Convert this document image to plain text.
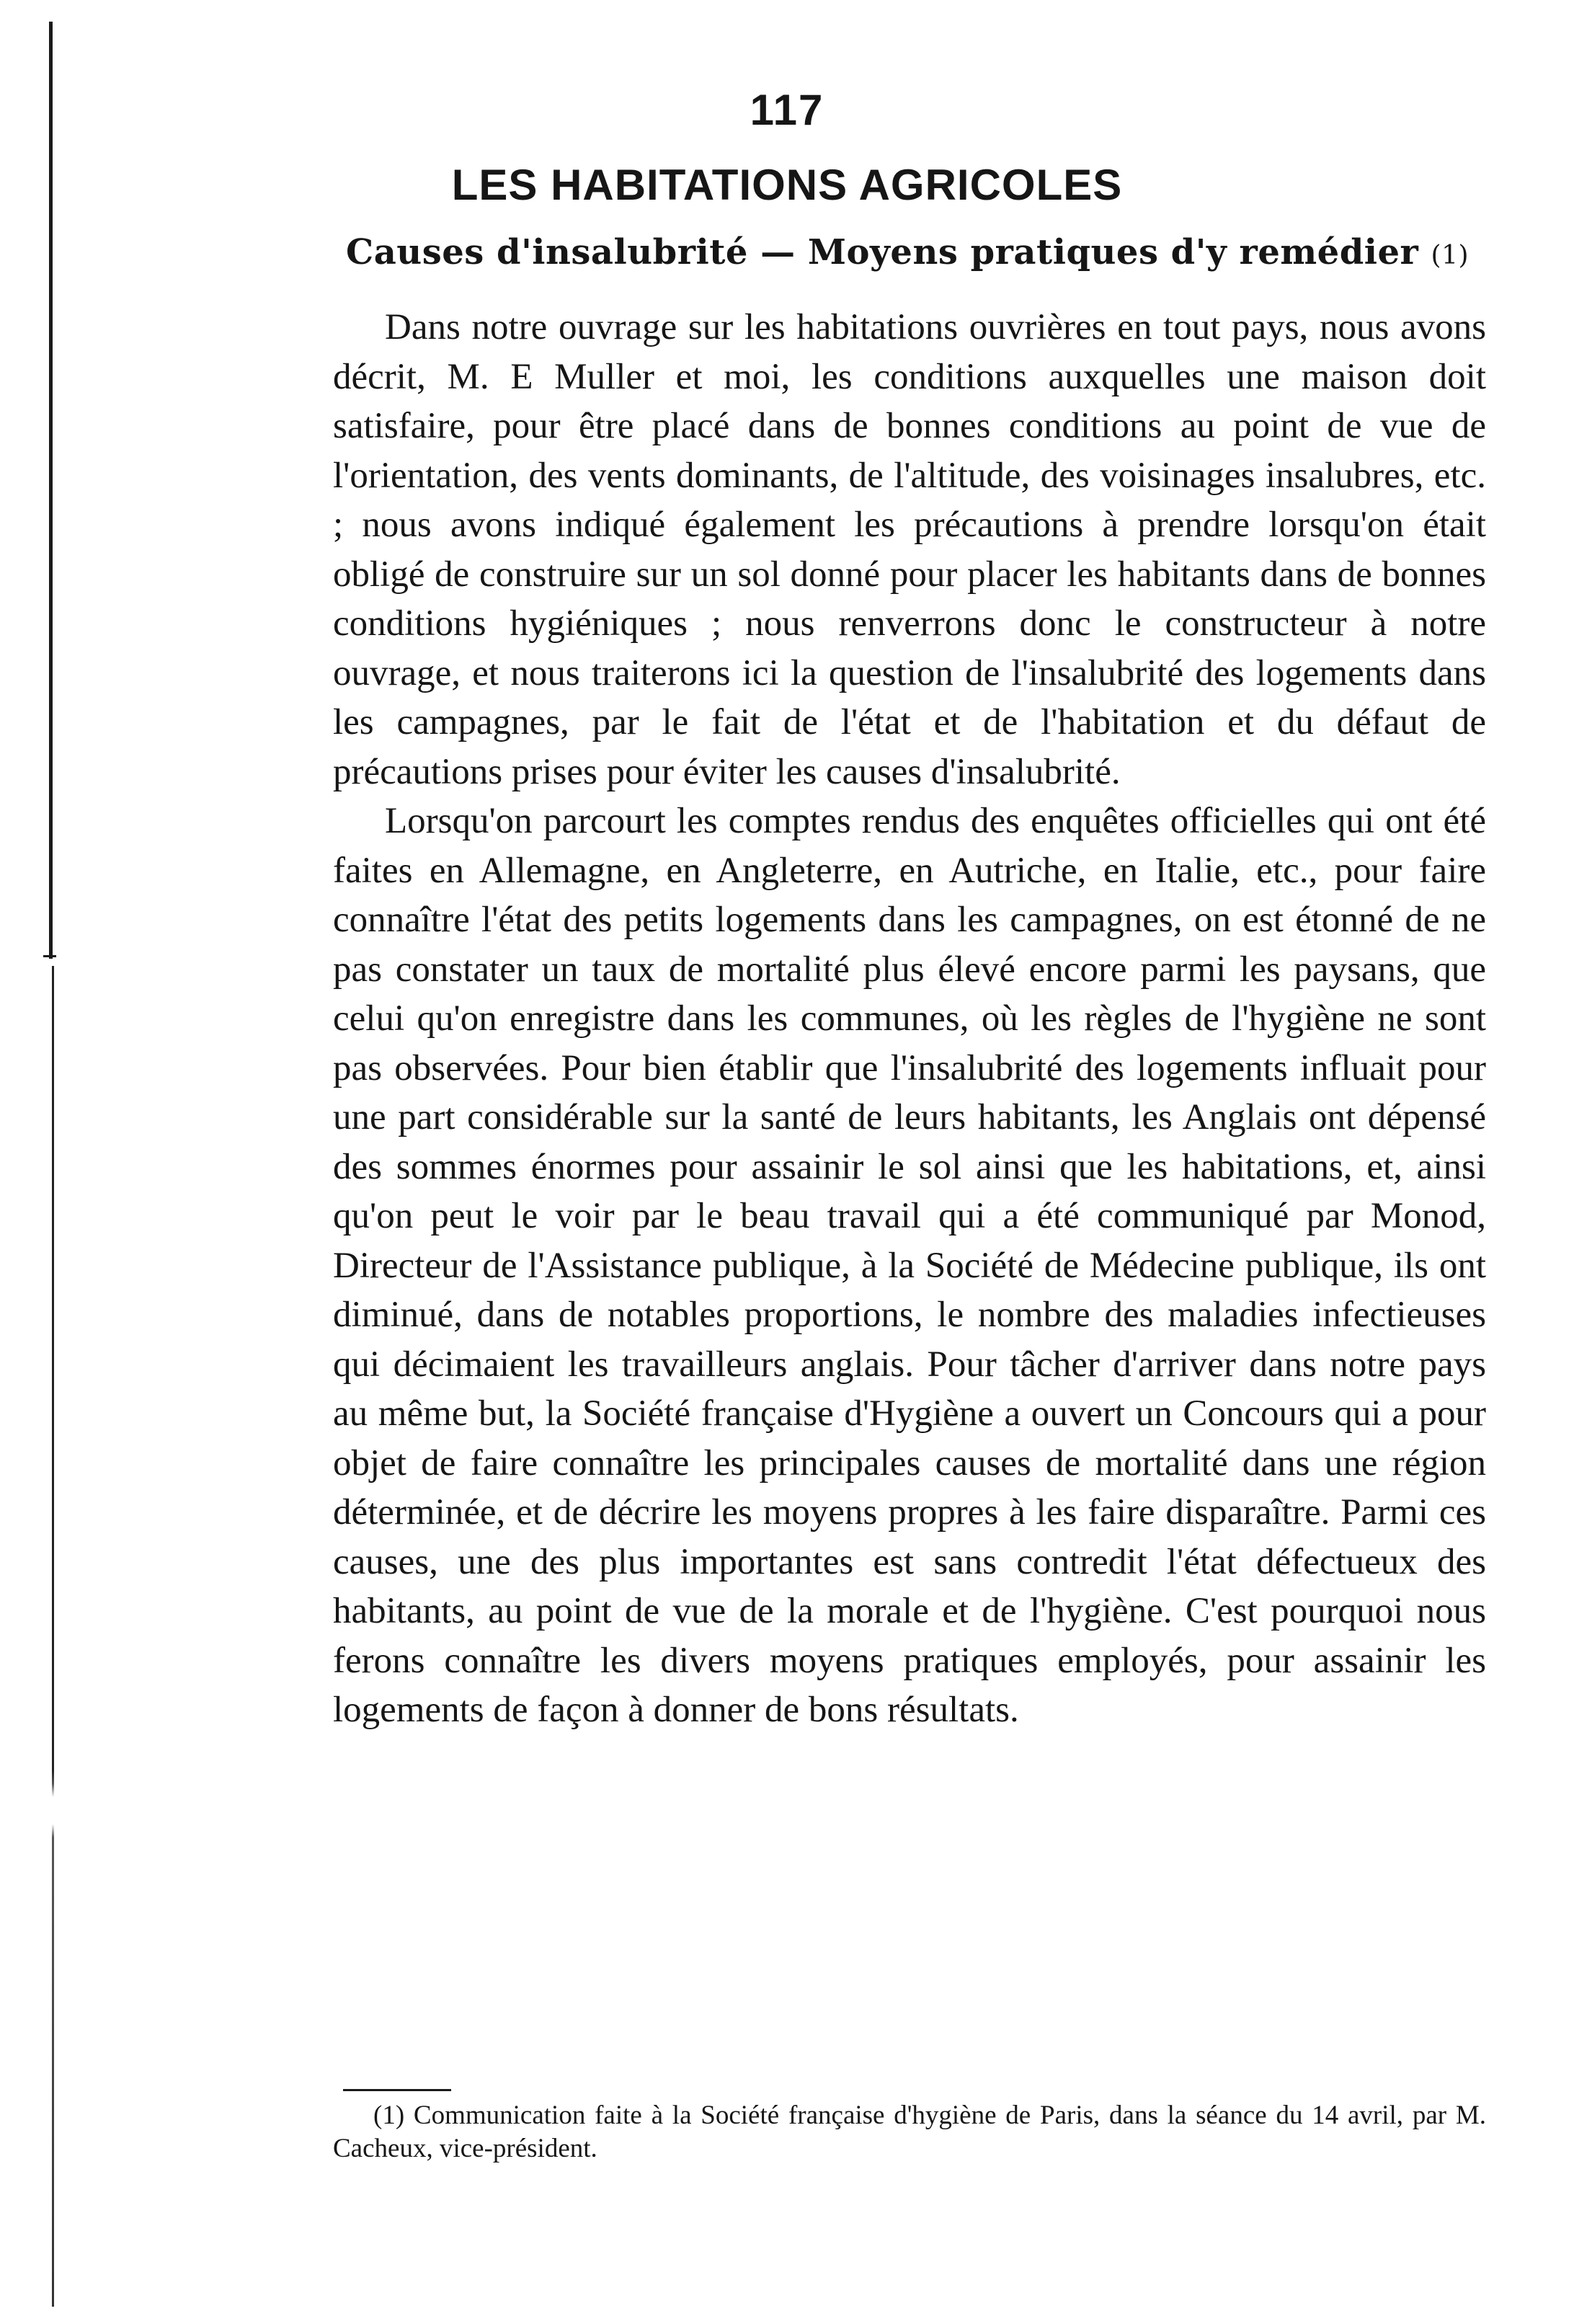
117
LES HABITATIONS AGRICOLES
Causes d'insalubrité — Moyens pratiques d'y remédier (1)

Dans notre ouvrage sur les habitations ouvrières en tout pays, nous avons décrit, M. E Muller et moi, les conditions auxquelles une maison doit satisfaire, pour être placé dans de bonnes conditions au point de vue de l'orientation, des vents dominants, de l'altitude, des voisinages insalubres, etc. ; nous avons indiqué également les précautions à prendre lorsqu'on était obligé de construire sur un sol donné pour placer les habitants dans de bonnes conditions hygiéniques ; nous renverrons donc le constructeur à notre ouvrage, et nous traiterons ici la question de l'insalubrité des logements dans les campagnes, par le fait de l'état et de l'habitation et du défaut de précautions prises pour éviter les causes d'insalubrité.

Lorsqu'on parcourt les comptes rendus des enquêtes officielles qui ont été faites en Allemagne, en Angleterre, en Autriche, en Italie, etc., pour faire connaître l'état des petits logements dans les campagnes, on est étonné de ne pas constater un taux de mortalité plus élevé encore parmi les paysans, que celui qu'on enregistre dans les communes, où les règles de l'hygiène ne sont pas observées. Pour bien établir que l'insalubrité des logements influait pour une part considérable sur la santé de leurs habitants, les Anglais ont dépensé des sommes énormes pour assainir le sol ainsi que les habitations, et, ainsi qu'on peut le voir par le beau travail qui a été communiqué par Monod, Directeur de l'Assistance publique, à la Société de Médecine publique, ils ont diminué, dans de notables proportions, le nombre des maladies infectieuses qui décimaient les travailleurs anglais. Pour tâcher d'arriver dans notre pays au même but, la Société française d'Hygiène a ouvert un Concours qui a pour objet de faire connaître les principales causes de mortalité dans une région déterminée, et de décrire les moyens propres à les faire disparaître. Parmi ces causes, une des plus importantes est sans contredit l'état défectueux des habitants, au point de vue de la morale et de l'hygiène. C'est pourquoi nous ferons connaître les divers moyens pratiques employés, pour assainir les logements de façon à donner de bons résultats.

(1) Communication faite à la Société française d'hygiène de Paris, dans la séance du 14 avril, par M. Cacheux, vice-président.
